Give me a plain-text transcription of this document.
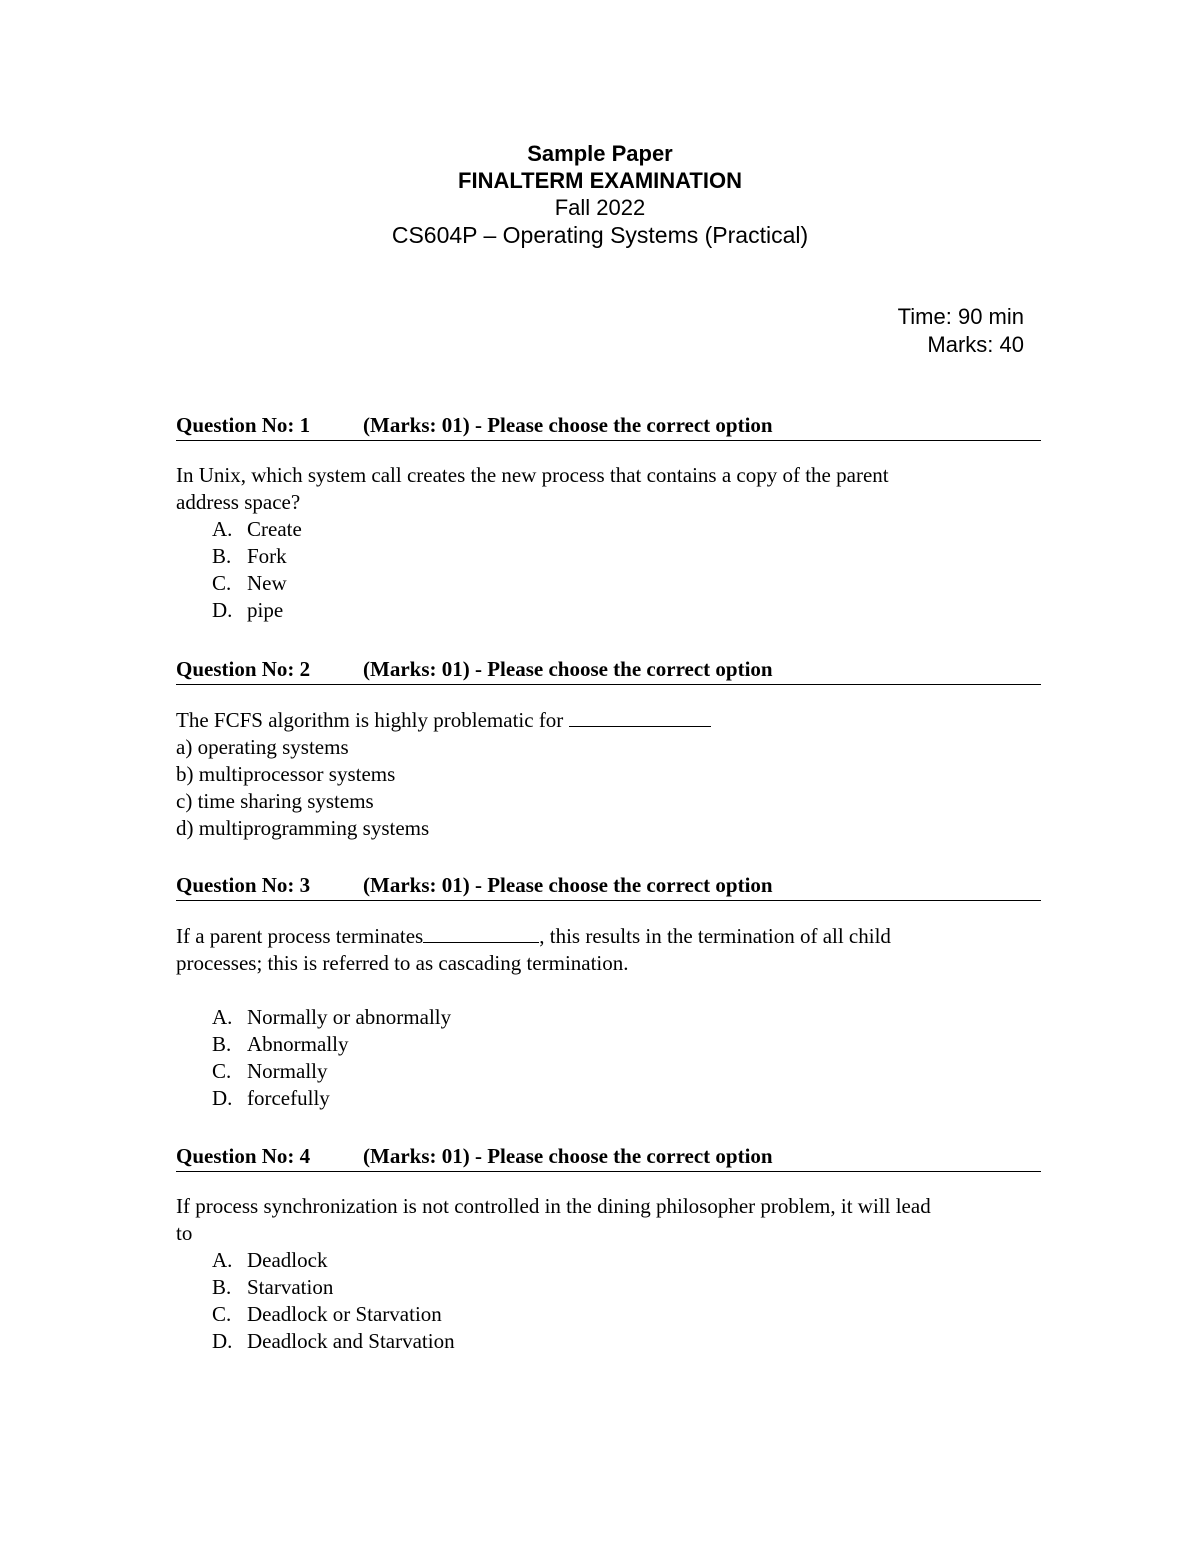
Sample Paper
FINALTERM EXAMINATION
Fall 2022
CS604P – Operating Systems (Practical)
Time: 90 min
Marks: 40
Question No: 1	(Marks: 01) - Please choose the correct option
In Unix, which system call creates the new process that contains a copy of the parent
address space?
A. Create
B. Fork
C. New
D. pipe
Question No: 2	(Marks: 01) - Please choose the correct option
The FCFS algorithm is highly problematic for
a) operating systems
b) multiprocessor systems
c) time sharing systems
d) multiprogramming systems
Question No: 3	(Marks: 01) - Please choose the correct option
If a parent process terminates	, this results in the termination of all child
processes; this is referred to as cascading termination.
A. Normally or abnormally
B. Abnormally
C. Normally
D. forcefully
Question No: 4	(Marks: 01) - Please choose the correct option
If process synchronization is not controlled in the dining philosopher problem, it will lead
to
A. Deadlock
B. Starvation
C. Deadlock or Starvation
D. Deadlock and Starvation
